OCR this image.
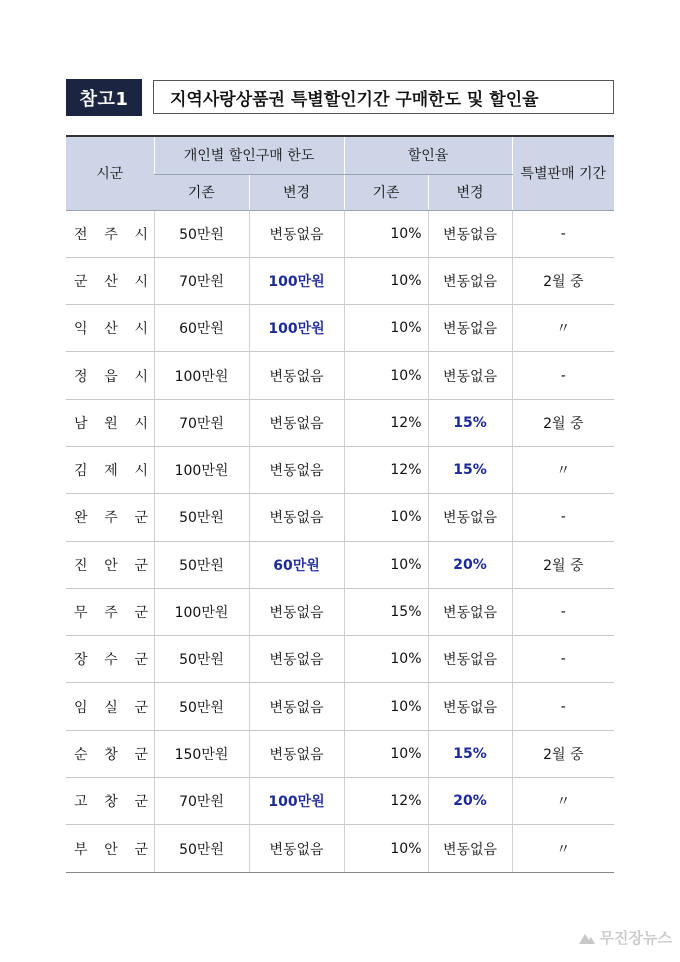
참고1	지역사랑상품권 특별할인기간 구매한도 및 할인율
시군	개인별 할인구매 한도		할인율		특별판매 기간
	기존	변경	기존	변경	

전 주 시	50만원	변동없음	10%	변동없음	-

군 산 시	70만원	100만원	10%	변동없음	2월 중

익 산 시	60만원	100만원	10%	변동없음	〃

정 읍 시	100만원	변동없음	10%	변동없음	-

남 원 시	70만원	변동없음	12%	15%	2월 중

김 제 시	100만원	변동없음	12%	15%	〃

완 주 군	50만원	변동없음	10%	변동없음	-

진 안 군	50만원	60만원	10%	20%	2월 중

무 주 군	100만원	변동없음	15%	변동없음	-

장 수 군	50만원	변동없음	10%	변동없음	-

임 실 군	50만원	변동없음	10%	변동없음	-

순 창 군	150만원	변동없음	10%	15%	2월 중

고 창 군	70만원	100만원	12%	20%	〃

부 안 군	50만원	변동없음	10%	변동없음	〃
무진장뉴스
